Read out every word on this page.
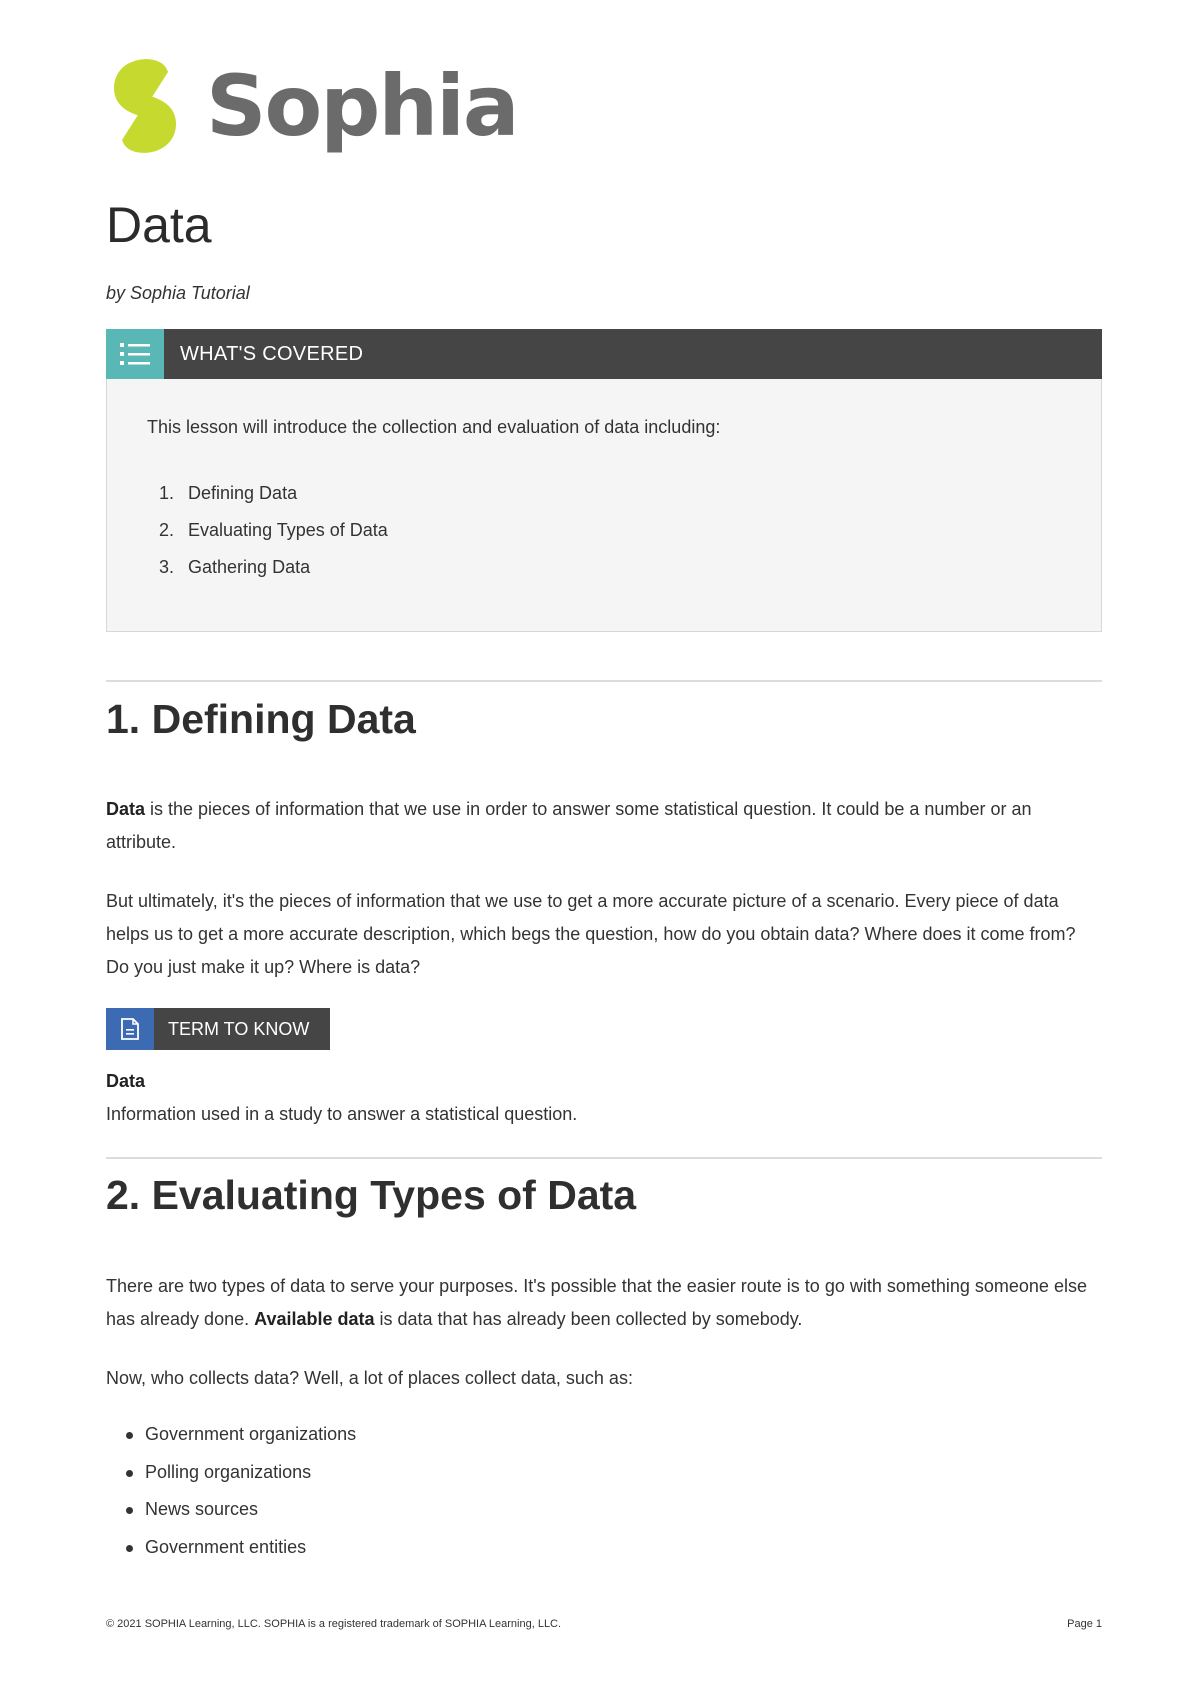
Sophia
Data
by Sophia Tutorial
WHAT'S COVERED
This lesson will introduce the collection and evaluation of data including:
1. Defining Data
2. Evaluating Types of Data
3. Gathering Data
1. Defining Data

Data is the pieces of information that we use in order to answer some statistical question. It could be a number or an attribute.

But ultimately, it's the pieces of information that we use to get a more accurate picture of a scenario. Every piece of data helps us to get a more accurate description, which begs the question, how do you obtain data? Where does it come from? Do you just make it up? Where is data?

TERM TO KNOW
Data
Information used in a study to answer a statistical question.
2. Evaluating Types of Data

There are two types of data to serve your purposes. It's possible that the easier route is to go with something someone else has already done. Available data is data that has already been collected by somebody.

Now, who collects data? Well, a lot of places collect data, such as:

Government organizations
Polling organizations
News sources
Government entities
© 2021 SOPHIA Learning, LLC. SOPHIA is a registered trademark of SOPHIA Learning, LLC.	Page 1
